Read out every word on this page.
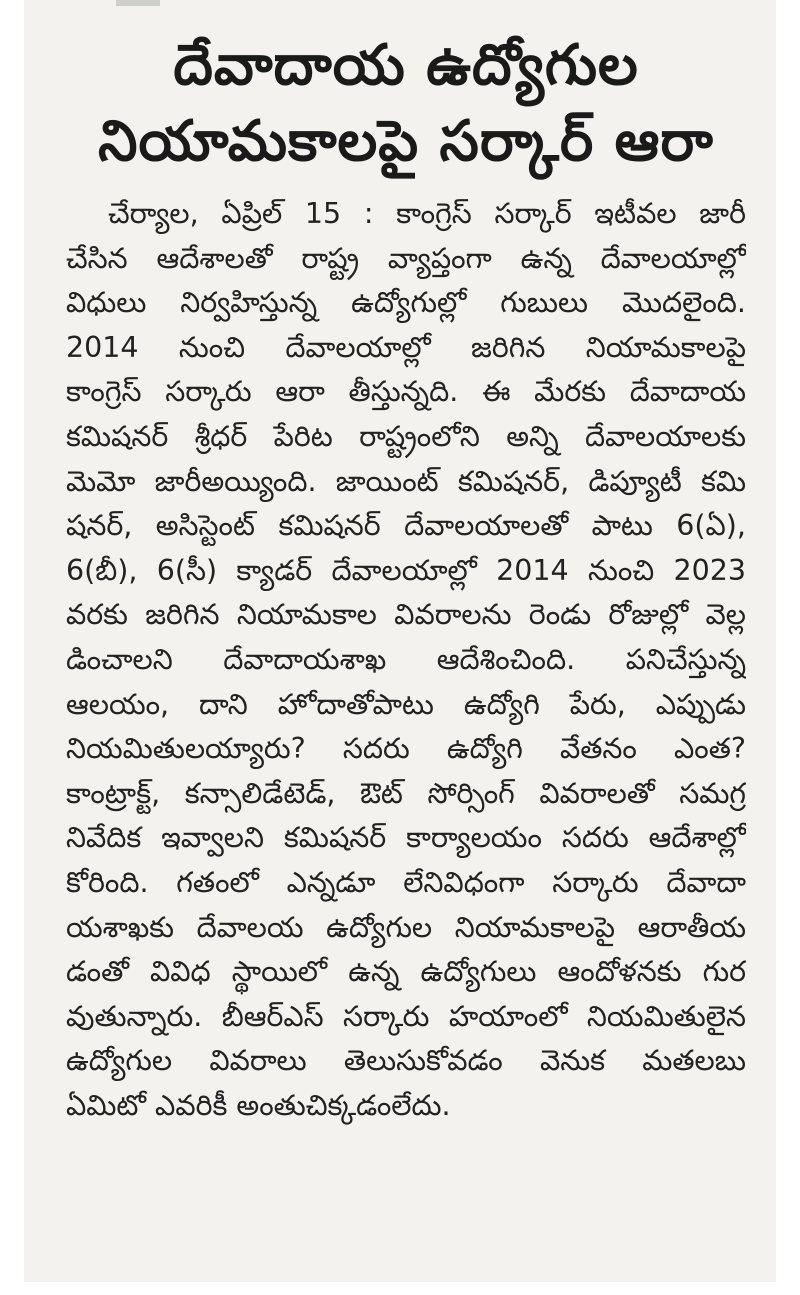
దేవాదాయ ఉద్యోగుల
నియామకాలపై సర్కార్ ఆరా
చేర్యాల, ఏప్రిల్ 15 : కాంగ్రెస్ సర్కార్ ఇటీవల జారీ
చేసిన ఆదేశాలతో రాష్ట్ర వ్యాప్తంగా ఉన్న దేవాలయాల్లో
విధులు నిర్వహిస్తున్న ఉద్యోగుల్లో గుబులు మొదలైంది.
2014 నుంచి దేవాలయాల్లో జరిగిన నియామకాలపై
కాంగ్రెస్ సర్కారు ఆరా తీస్తున్నది. ఈ మేరకు దేవాదాయ
కమిషనర్ శ్రీధర్ పేరిట రాష్ట్రంలోని అన్ని దేవాలయాలకు
మెమో జారీఅయ్యింది. జాయింట్ కమిషనర్, డిప్యూటీ కమి
షనర్, అసిస్టెంట్ కమిషనర్ దేవాలయాలతో పాటు 6(ఏ),
6(బీ), 6(సీ) క్యాడర్ దేవాలయాల్లో 2014 నుంచి 2023
వరకు జరిగిన నియామకాల వివరాలను రెండు రోజుల్లో వెల్ల
డించాలని దేవాదాయశాఖ ఆదేశించింది. పనిచేస్తున్న
ఆలయం, దాని హోదాతోపాటు ఉద్యోగి పేరు, ఎప్పుడు
నియమితులయ్యారు? సదరు ఉద్యోగి వేతనం ఎంత?
కాంట్రాక్ట్, కన్సాలిడేటెడ్, ఔట్ సోర్సింగ్ వివరాలతో సమగ్ర
నివేదిక ఇవ్వాలని కమిషనర్ కార్యాలయం సదరు ఆదేశాల్లో
కోరింది. గతంలో ఎన్నడూ లేనివిధంగా సర్కారు దేవాదా
యశాఖకు దేవాలయ ఉద్యోగుల నియామకాలపై ఆరాతీయ
డంతో వివిధ స్థాయిలో ఉన్న ఉద్యోగులు ఆందోళనకు గుర
వుతున్నారు. బీఆర్ఎస్ సర్కారు హయాంలో నియమితులైన
ఉద్యోగుల వివరాలు తెలుసుకోవడం వెనుక మతలబు
ఏమిటో ఎవరికీ అంతుచిక్కడంలేదు.
